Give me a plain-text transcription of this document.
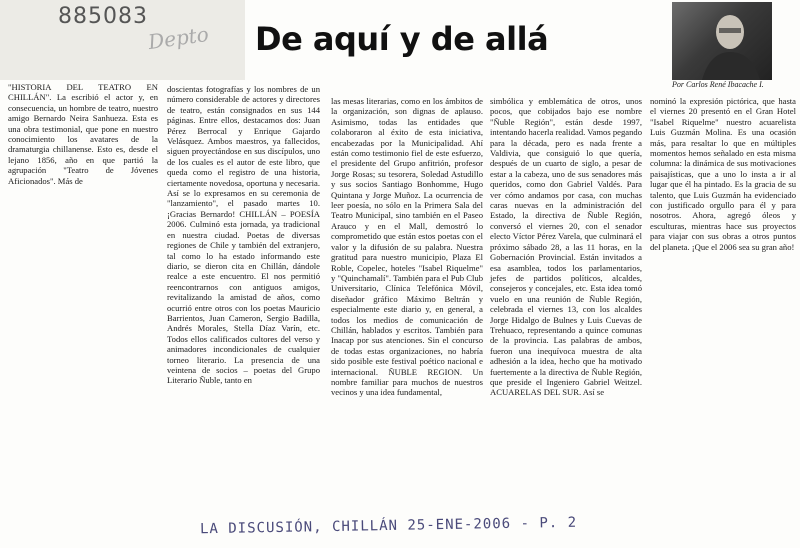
885083
Depto De aquí y de allá

Por Carlos René Ibacache I.

"HISTORIA DEL TEATRO EN CHILLÁN". La escribió el actor y, en consecuencia, un hombre de teatro, nuestro amigo Bernardo Neira Sanhueza. Esta es una obra testimonial, que pone en nuestro conocimiento los avatares de la dramaturgia chillanense. Esto es, desde el lejano 1856, año en que partió la agrupación "Teatro de Jóvenes Aficionados". Más de

doscientas fotografías y los nombres de un número considerable de actores y directores de teatro, están consignados en sus 144 páginas. Entre ellos, destacamos dos: Juan Pérez Berrocal y Enrique Gajardo Velásquez. Ambos maestros, ya fallecidos, siguen proyectándose en sus discípulos, uno de los cuales es el autor de este libro, que queda como el registro de una historia, ciertamente novedosa, oportuna y necesaria. Así se lo expresamos en su ceremonia de "lanzamiento", el pasado martes 10. ¡Gracias Bernardo! CHILLÁN – POESÍA 2006. Culminó esta jornada, ya tradicional en nuestra ciudad. Poetas de diversas regiones de Chile y también del extranjero, tal como lo ha estado informando este diario, se dieron cita en Chillán, dándole realce a este encuentro. El nos permitió reencontrarnos con antiguos amigos, revitalizando la amistad de años, como ocurrió entre otros con los poetas Mauricio Barrientos, Juan Cameron, Sergio Badilla, Andrés Morales, Stella Díaz Varín, etc. Todos ellos calificados cultores del verso y animadores incondicionales de cualquier torneo literario. La presencia de una veintena de socios – poetas del Grupo Literario Ñuble, tanto en

las mesas literarias, como en los ámbitos de la organización, son dignas de aplauso. Asimismo, todas las entidades que colaboraron al éxito de esta iniciativa, encabezadas por la Municipalidad. Ahí están como testimonio fiel de este esfuerzo, el presidente del Grupo anfitrión, profesor Jorge Rosas; su tesorera, Soledad Astudillo y sus socios Santiago Bonhomme, Hugo Quintana y Jorge Muñoz. La ocurrencia de leer poesía, no sólo en la Primera Sala del Teatro Municipal, sino también en el Paseo Arauco y en el Mall, demostró lo comprometido que están estos poetas con el valor y la difusión de su palabra. Nuestra gratitud para nuestro municipio, Plaza El Roble, Copelec, hoteles "Isabel Riquelme" y "Quinchamalí". También para el Pub Club Universitario, Clínica Telefónica Móvil, diseñador gráfico Máximo Beltrán y especialmente este diario y, en general, a todos los medios de comunicación de Chillán, hablados y escritos. También para Inacap por sus atenciones. Sin el concurso de todas estas organizaciones, no habría sido posible este festival poético nacional e internacional. ÑUBLE REGION. Un nombre familiar para muchos de nuestros vecinos y una idea fundamental,

simbólica y emblemática de otros, unos pocos, que cobijados bajo ese nombre "Ñuble Región", están desde 1997, intentando hacerla realidad. Vamos pegando para la década, pero es nada frente a Valdivia, que consiguió lo que quería, después de un cuarto de siglo, a pesar de estar a la cabeza, uno de sus senadores más queridos, como don Gabriel Valdés. Para ver cómo andamos por casa, con muchas caras nuevas en la administración del Estado, la directiva de Ñuble Región, conversó el viernes 20, con el senador electo Víctor Pérez Varela, que culminará el próximo sábado 28, a las 11 horas, en la Gobernación Provincial. Están invitados a esa asamblea, todos los parlamentarios, jefes de partidos políticos, alcaldes, consejeros y concejales, etc. Esta idea tomó vuelo en una reunión de Ñuble Región, celebrada el viernes 13, con los alcaldes Jorge Hidalgo de Bulnes y Luis Cuevas de Trehuaco, representando a quince comunas de la provincia. Las palabras de ambos, fueron una inequívoca muestra de alta adhesión a la idea, hecho que ha motivado fuertemente a la directiva de Ñuble Región, que preside el Ingeniero Gabriel Weitzel. ACUARELAS DEL SUR. Así se

nominó la expresión pictórica, que hasta el viernes 20 presentó en el Gran Hotel "Isabel Riquelme" nuestro acuarelista Luis Guzmán Molina. Es una ocasión más, para resaltar lo que en múltiples momentos hemos señalado en esta misma columna: la dinámica de sus motivaciones paisajísticas, que a uno lo insta a ir al lugar que él ha pintado. Es la gracia de su talento, que Luis Guzmán ha evidenciado con justificado orgullo para él y para nosotros. Ahora, agregó óleos y esculturas, mientras hace sus proyectos para viajar con sus obras a otros puntos del planeta. ¡Que el 2006 sea su gran año!

LA DISCUSIÓN, CHILLÁN 25-ENE-2006 - P. 2
